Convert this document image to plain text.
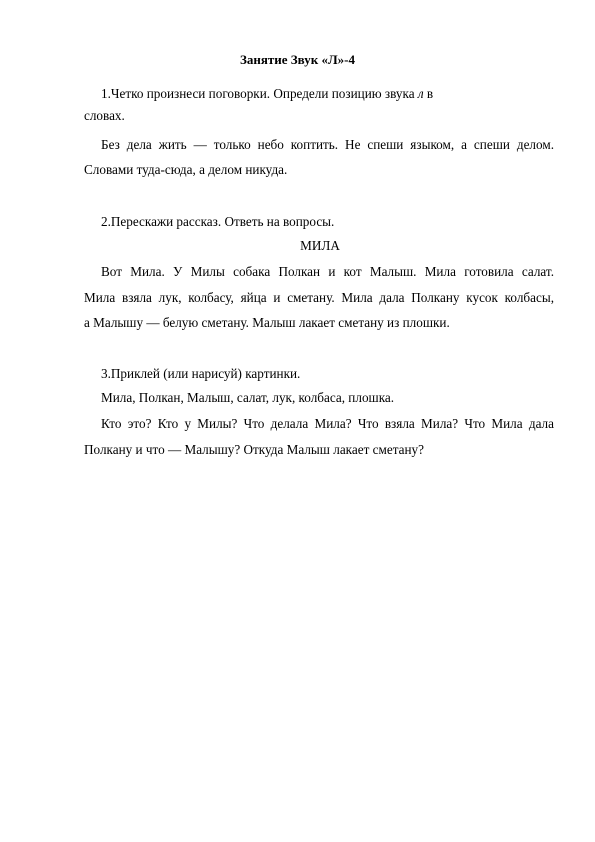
Занятие Звук «Л»-4
1.Четко произнеси поговорки. Определи позицию звука л в
словах.
Без дела жить — только небо коптить. Не спеши языком, а спеши делом.
Словами туда-сюда, а делом никуда.
2.Перескажи рассказ. Ответь на вопросы.
МИЛА
Вот Мила. У Милы собака Полкан и кот Малыш. Мила готовила салат.
Мила взяла лук, колбасу, яйца и сметану. Мила дала Полкану кусок колбасы,
а Малышу — белую сметану. Малыш лакает сметану из плошки.
3.Приклей (или нарисуй) картинки.
Мила, Полкан, Малыш, салат, лук, колбаса, плошка.
Кто это? Кто у Милы? Что делала Мила? Что взяла Мила? Что Мила дала
Полкану и что — Малышу? Откуда Малыш лакает сметану?
